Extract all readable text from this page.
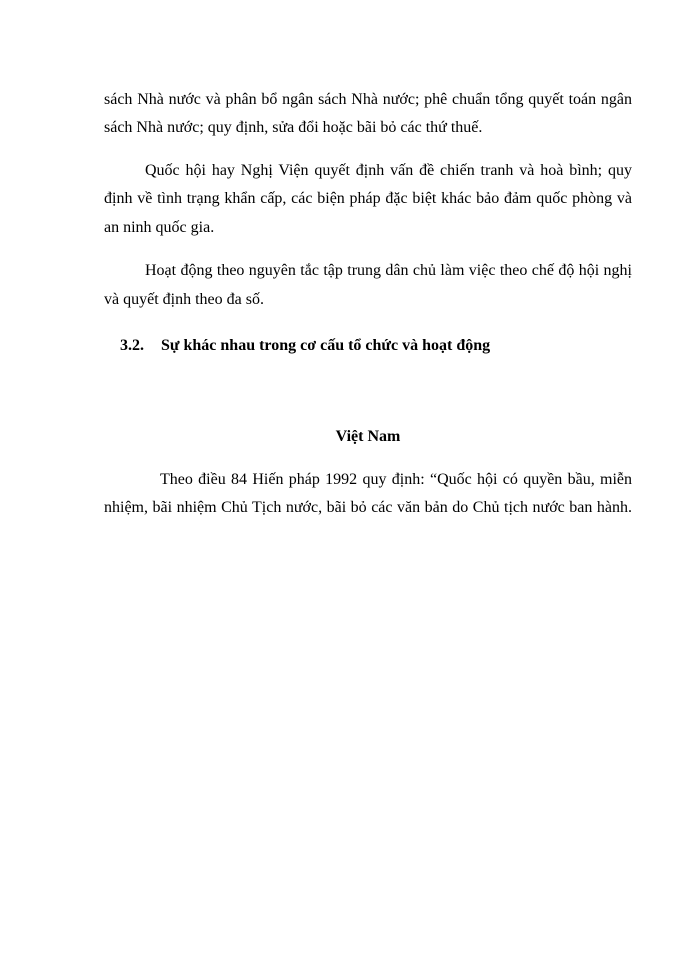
sách Nhà nước và phân bổ ngân sách Nhà nước; phê chuẩn tổng quyết toán ngân
sách Nhà nước; quy định, sửa đổi hoặc bãi bỏ các thứ thuế.
Quốc hội hay Nghị Viện quyết định vấn đề chiến tranh và hoà bình; quy
định về tình trạng khẩn cấp, các biện pháp đặc biệt khác bảo đảm quốc phòng và
an ninh quốc gia.
Hoạt động theo nguyên tắc tập trung dân chủ làm việc theo chế độ hội nghị
và quyết định theo đa số.
3.2. Sự khác nhau trong cơ cấu tổ chức và hoạt động
Việt Nam
Theo điều 84 Hiến pháp 1992 quy định: “Quốc hội có quyền bầu, miễn
nhiệm, bãi nhiệm Chủ Tịch nước, bãi bỏ các văn bản do Chủ tịch nước ban hành.
